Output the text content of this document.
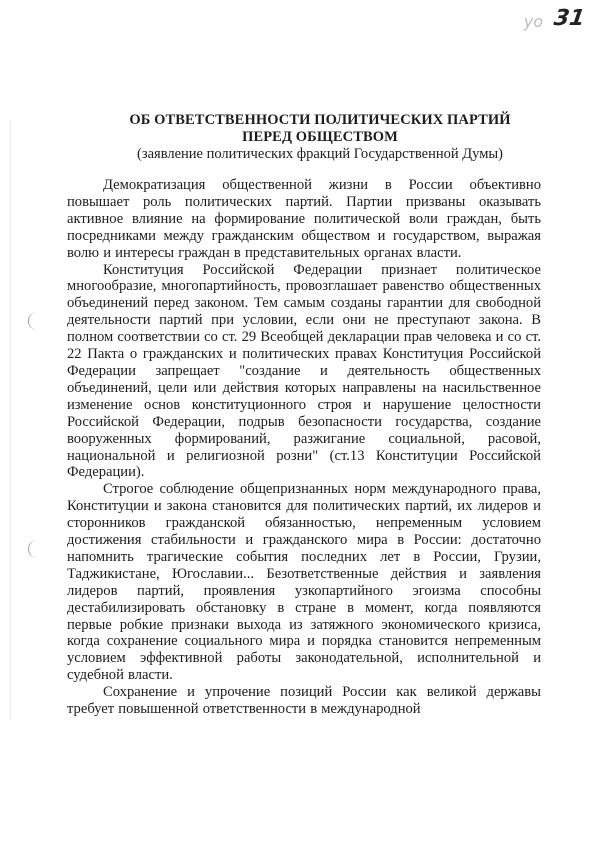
уо 31
ОБ ОТВЕТСТВЕННОСТИ ПОЛИТИЧЕСКИХ ПАРТИЙ
ПЕРЕД ОБЩЕСТВОМ
(заявление политических фракций Государственной Думы)

Демократизация общественной жизни в России объективно повышает роль политических партий. Партии призваны оказывать активное влияние на формирование политической воли граждан, быть посредниками между гражданским обществом и государством, выражая волю и интересы граждан в представительных органах власти.

Конституция Российской Федерации признает политическое многообразие, многопартийность, провозглашает равенство общественных объединений перед законом. Тем самым созданы гарантии для свободной деятельности партий при условии, если они не преступают закона. В полном соответствии со ст. 29 Всеобщей декларации прав человека и со ст. 22 Пакта о гражданских и политических правах Конституция Российской Федерации запрещает "создание и деятельность общественных объединений, цели или действия которых направлены на насильственное изменение основ конституционного строя и нарушение целостности Российской Федерации, подрыв безопасности государства, создание вооруженных формирований, разжигание социальной, расовой, национальной и религиозной розни" (ст.13 Конституции Российской Федерации).

Строгое соблюдение общепризнанных норм международного права, Конституции и закона становится для политических партий, их лидеров и сторонников гражданской обязанностью, непременным условием достижения стабильности и гражданского мира в России: достаточно напомнить трагические события последних лет в России, Грузии, Таджикистане, Югославии... Безответственные действия и заявления лидеров партий, проявления узкопартийного эгоизма способны дестабилизировать обстановку в стране в момент, когда появляются первые робкие признаки выхода из затяжного экономического кризиса, когда сохранение социального мира и порядка становится непременным условием эффективной работы законодательной, исполнительной и судебной власти.

Сохранение и упрочение позиций России как великой державы требует повышенной ответственности в международной
